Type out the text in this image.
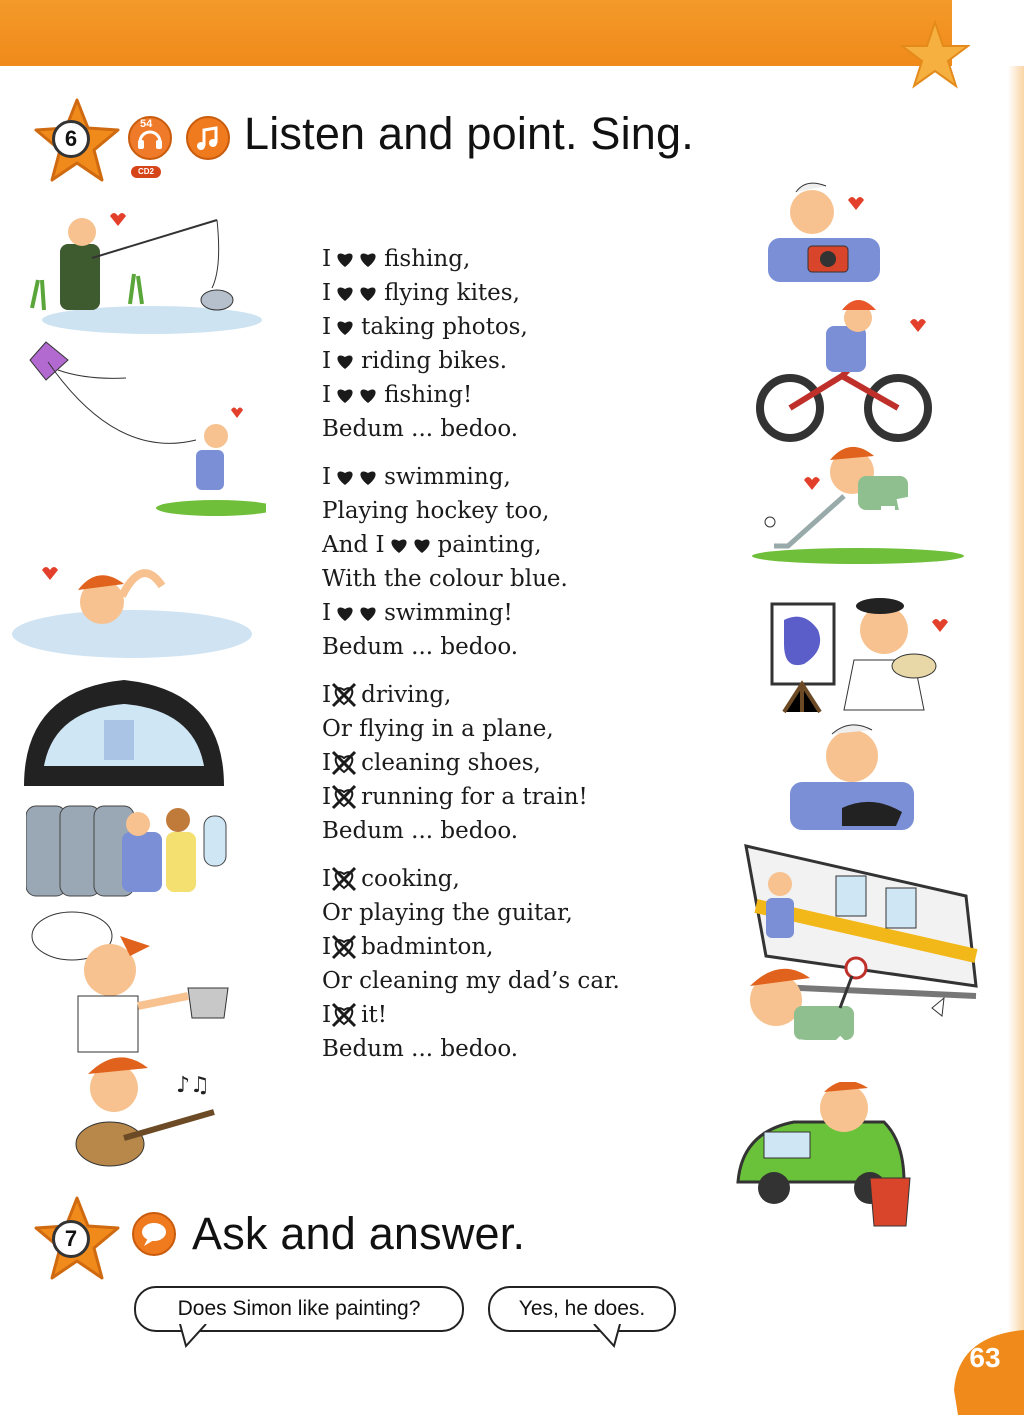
6
54
CD2
Listen and point. Sing.
I fishing,
I flying kites,
I taking photos,
I riding bikes.
I fishing!
Bedum ... bedoo.
I swimming,
Playing hockey too,
And I painting,
With the colour blue.
I swimming!
Bedum ... bedoo.
I driving,
Or flying in a plane,
I cleaning shoes,
I running for a train!
Bedum ... bedoo.
I cooking,
Or playing the guitar,
I badminton,
Or cleaning my dad’s car.
I it!
Bedum ... bedoo.
♪♫
7	Ask and answer.
Does Simon like painting?	Yes, he does.
63
